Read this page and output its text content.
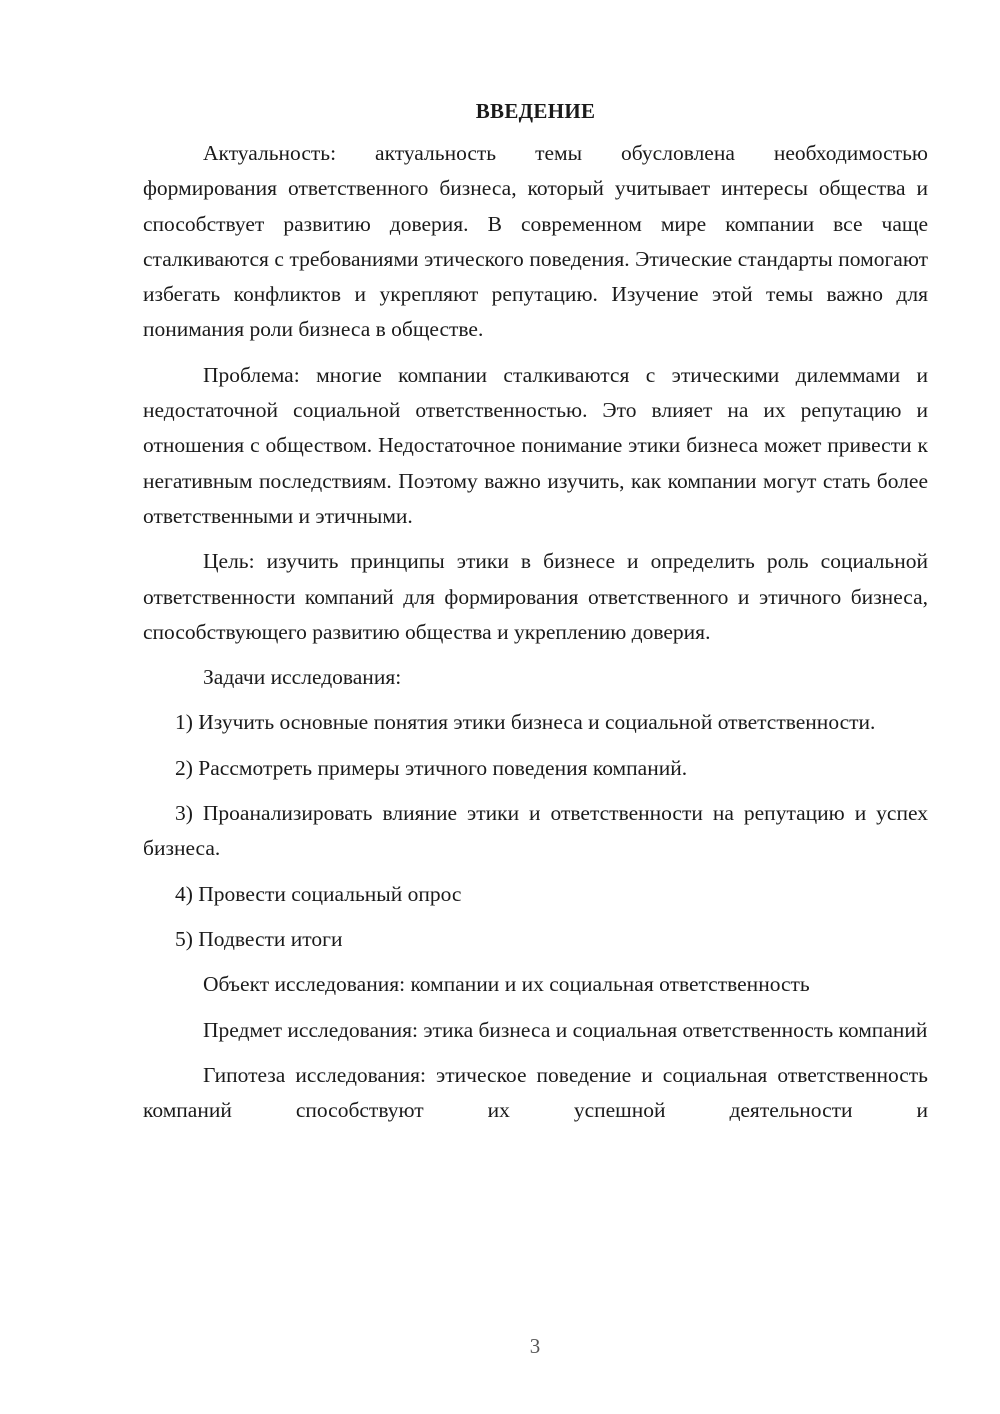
ВВЕДЕНИЕ

Актуальность: актуальность темы обусловлена необходимостью формирования ответственного бизнеса, который учитывает интересы общества и способствует развитию доверия. В современном мире компании все чаще сталкиваются с требованиями этического поведения. Этические стандарты помогают избегать конфликтов и укрепляют репутацию. Изучение этой темы важно для понимания роли бизнеса в обществе.

Проблема: многие компании сталкиваются с этическими дилеммами и недостаточной социальной ответственностью. Это влияет на их репутацию и отношения с обществом. Недостаточное понимание этики бизнеса может привести к негативным последствиям. Поэтому важно изучить, как компании могут стать более ответственными и этичными.

Цель: изучить принципы этики в бизнесе и определить роль социальной ответственности компаний для формирования ответственного и этичного бизнеса, способствующего развитию общества и укреплению доверия.

Задачи исследования:

1) Изучить основные понятия этики бизнеса и социальной ответственности.

2) Рассмотреть примеры этичного поведения компаний.

3) Проанализировать влияние этики и ответственности на репутацию и успех бизнеса.

4) Провести социальный опрос

5) Подвести итоги

Объект исследования: компании и их социальная ответственность

Предмет исследования: этика бизнеса и социальная ответственность компаний

Гипотеза исследования: этическое поведение и социальная ответственность компаний способствуют их успешной деятельности и

3
